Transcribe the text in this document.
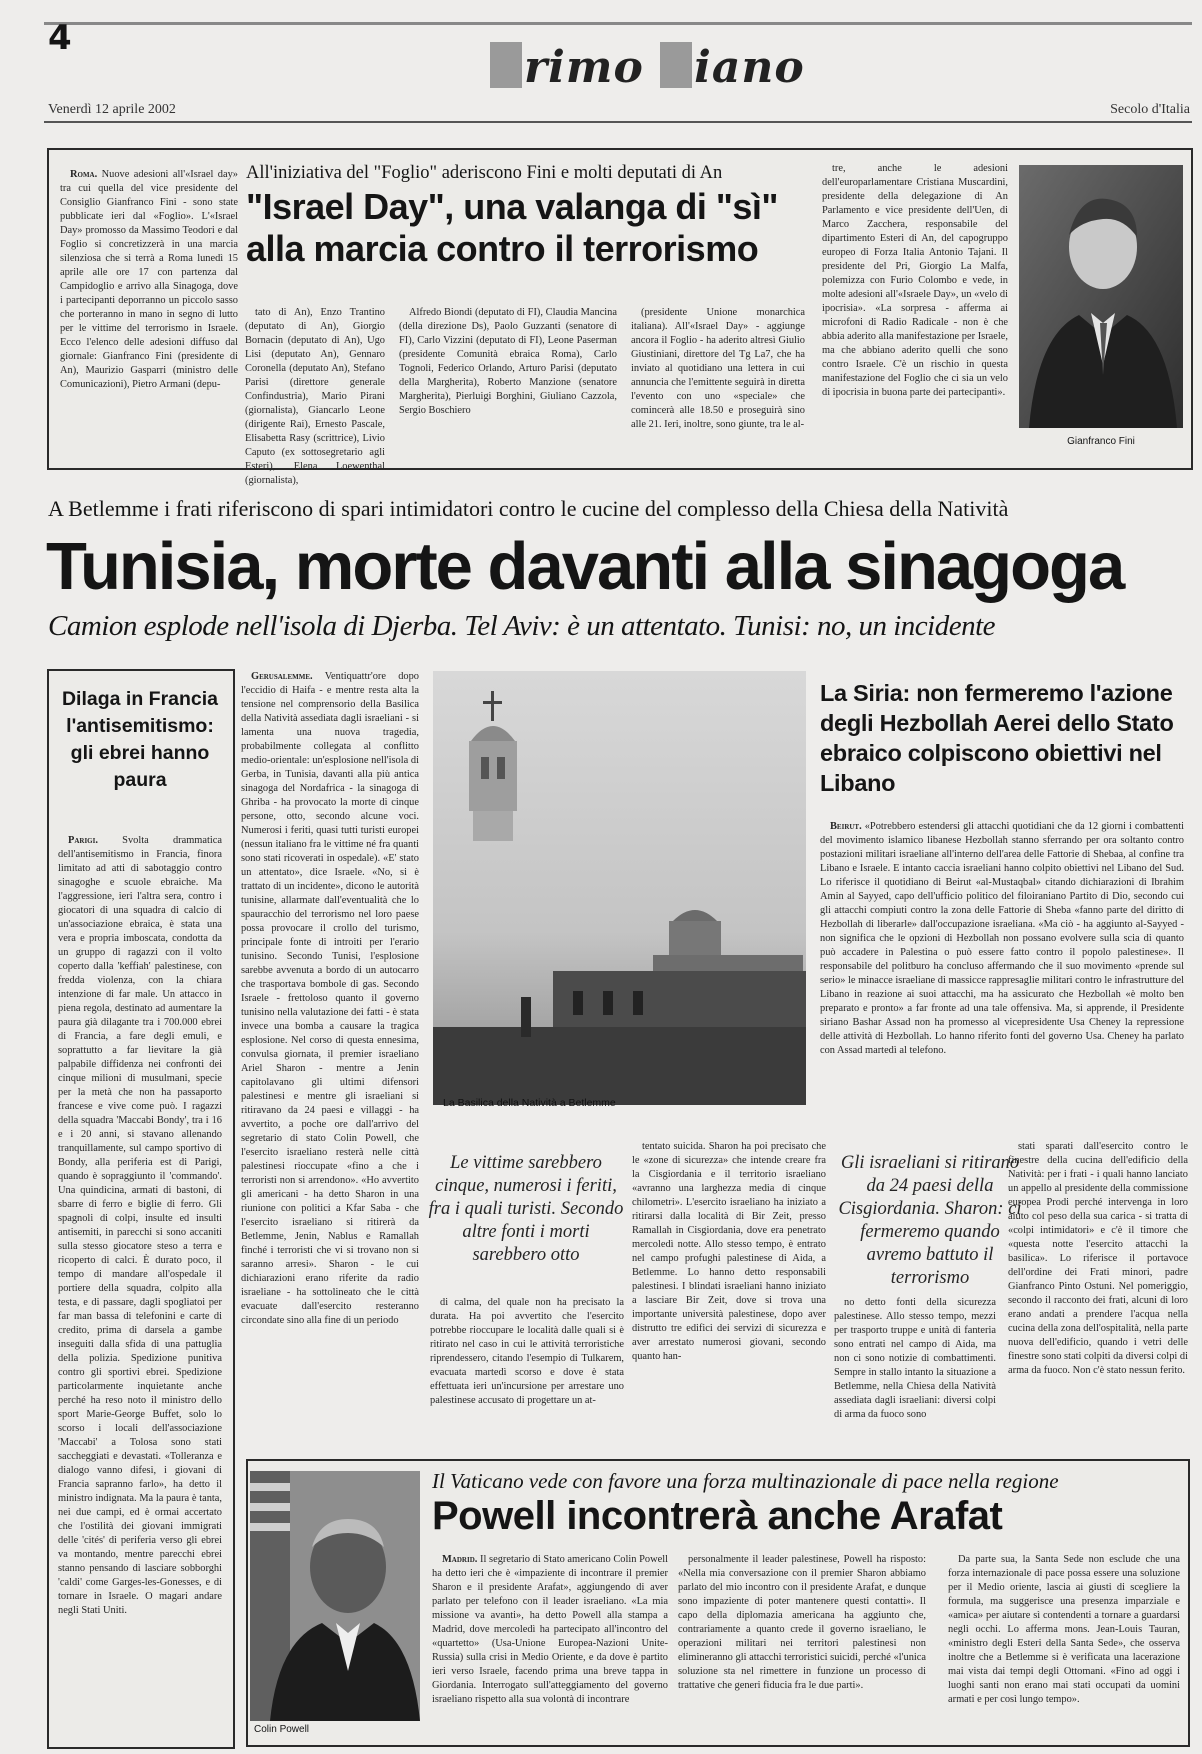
4
rimo iano
Venerdì 12 aprile 2002	Secolo d'Italia

Roma. Nuove adesioni all'«Israel day» tra cui quella del vice presidente del Consiglio Gianfranco Fini - sono state pubblicate ieri dal «Foglio». L'«Israel Day» promosso da Massimo Teodori e dal Foglio si concretizzerà in una marcia silenziosa che si terrà a Roma lunedì 15 aprile alle ore 17 con partenza dal Campidoglio e arrivo alla Sinagoga, dove i partecipanti deporranno un piccolo sasso che porteranno in mano in segno di lutto per le vittime del terrorismo in Israele. Ecco l'elenco delle adesioni diffuso dal giornale: Gianfranco Fini (presidente di An), Maurizio Gasparri (ministro delle Comunicazioni), Pietro Armani (depu-

All'iniziativa del "Foglio" aderiscono Fini e molti deputati di An
"Israel Day", una valanga di "sì"
alla marcia contro il terrorismo

tato di An), Enzo Trantino (deputato di An), Giorgio Bornacin (deputato di An), Ugo Lisi (deputato An), Gennaro Coronella (deputato An), Stefano Parisi (direttore generale Confindustria), Mario Pirani (giornalista), Giancarlo Leone (dirigente Rai), Ernesto Pascale, Elisabetta Rasy (scrittrice), Livio Caputo (ex sottosegretario agli Esteri), Elena Loewenthal (giornalista),

Alfredo Biondi (deputato di FI), Claudia Mancina (della direzione Ds), Paolo Guzzanti (senatore di FI), Carlo Vizzini (deputato di FI), Leone Paserman (presidente Comunità ebraica Roma), Carlo Tognoli, Federico Orlando, Arturo Parisi (deputato della Margherita), Roberto Manzione (senatore Margherita), Pierluigi Borghini, Giuliano Cazzola, Sergio Boschiero

(presidente Unione monarchica italiana). All'«Israel Day» - aggiunge ancora il Foglio - ha aderito altresì Giulio Giustiniani, direttore del Tg La7, che ha inviato al quotidiano una lettera in cui annuncia che l'emittente seguirà in diretta l'evento con uno «speciale» che comincerà alle 18.50 e proseguirà sino alle 21. Ieri, inoltre, sono giunte, tra le al-

tre, anche le adesioni dell'europarlamentare Cristiana Muscardini, presidente della delegazione di An Parlamento e vice presidente dell'Uen, di Marco Zacchera, responsabile del dipartimento Esteri di An, del capogruppo europeo di Forza Italia Antonio Tajani. Il presidente del Pri, Giorgio La Malfa, polemizza con Furio Colombo e vede, in molte adesioni all'«Israele Day», un «velo di ipocrisia». «La sorpresa - afferma ai microfoni di Radio Radicale - non è che abbia aderito alla manifestazione per Israele, ma che abbiano aderito quelli che sono contro Israele. C'è un rischio in questa manifestazione del Foglio che ci sia un velo di ipocrisia in buona parte dei partecipanti».

Gianfranco Fini
A Betlemme i frati riferiscono di spari intimidatori contro le cucine del complesso della Chiesa della Natività
Tunisia, morte davanti alla sinagoga
Camion esplode nell'isola di Djerba. Tel Aviv: è un attentato. Tunisi: no, un incidente
Dilaga in Francia l'antisemitismo: gli ebrei hanno paura

Parigi. Svolta drammatica dell'antisemitismo in Francia, finora limitato ad atti di sabotaggio contro sinagoghe e scuole ebraiche. Ma l'aggressione, ieri l'altra sera, contro i giocatori di una squadra di calcio di un'associazione ebraica, è stata una vera e propria imboscata, condotta da un gruppo di ragazzi con il volto coperto dalla 'keffiah' palestinese, con fredda violenza, con la chiara intenzione di far male. Un attacco in piena regola, destinato ad aumentare la paura già dilagante tra i 700.000 ebrei di Francia, a fare degli emuli, e soprattutto a far lievitare la già palpabile diffidenza nei confronti dei cinque milioni di musulmani, specie per la metà che non ha passaporto francese e vive come può. I ragazzi della squadra 'Maccabi Bondy', tra i 16 e i 20 anni, si stavano allenando tranquillamente, sul campo sportivo di Bondy, alla periferia est di Parigi, quando è sopraggiunto il 'commando'. Una quindicina, armati di bastoni, di sbarre di ferro e biglie di ferro. Gli spagnoli di colpi, insulte ed insulti antisemiti, in parecchi si sono accaniti sulla stesso giocatore steso a terra e ricoperto di calci. È durato poco, il tempo di mandare all'ospedale il portiere della squadra, colpito alla testa, e di passare, dagli spogliatoi per far man bassa di telefonini e carte di credito, prima di darsela a gambe inseguiti dalla sfida di una pattuglia della polizia. Spedizione punitiva contro gli sportivi ebrei. Spedizione particolarmente inquietante anche perché ha reso noto il ministro dello sport Marie-George Buffet, solo lo scorso i locali dell'associazione 'Maccabi' a Tolosa sono stati saccheggiati e devastati. «Tolleranza e dialogo vanno difesi, i giovani di Francia sapranno farlo», ha detto il ministro indignata. Ma la paura è tanta, nei due campi, ed è ormai accertato che l'ostilità dei giovani immigrati delle 'cités' di periferia verso gli ebrei va montando, mentre parecchi ebrei stanno pensando di lasciare sobborghi 'caldi' come Garges-les-Gonesses, e di tornare in Israele. O magari andare negli Stati Uniti.

Gerusalemme. Ventiquattr'ore dopo l'eccidio di Haifa - e mentre resta alta la tensione nel comprensorio della Basilica della Natività assediata dagli israeliani - si lamenta una nuova tragedia, probabilmente collegata al conflitto medio-orientale: un'esplosione nell'isola di Gerba, in Tunisia, davanti alla più antica sinagoga del Nordafrica - la sinagoga di Ghriba - ha provocato la morte di cinque persone, otto, secondo alcune voci. Numerosi i feriti, quasi tutti turisti europei (nessun italiano fra le vittime né fra quanti sono stati ricoverati in ospedale). «E' stato un attentato», dice Israele. «No, si è trattato di un incidente», dicono le autorità tunisine, allarmate dall'eventualità che lo spauracchio del terrorismo nel loro paese possa provocare il crollo del turismo, principale fonte di introiti per l'erario tunisino. Secondo Tunisi, l'esplosione sarebbe avvenuta a bordo di un autocarro che trasportava bombole di gas. Secondo Israele - frettoloso quanto il governo tunisino nella valutazione dei fatti - è stata invece una bomba a causare la tragica esplosione. Nel corso di questa ennesima, convulsa giornata, il premier israeliano Ariel Sharon - mentre a Jenin capitolavano gli ultimi difensori palestinesi e mentre gli israeliani si ritiravano da 24 paesi e villaggi - ha avvertito, a poche ore dall'arrivo del segretario di stato Colin Powell, che l'esercito israeliano resterà nelle città palestinesi rioccupate «fino a che i terroristi non si arrendono». «Ho avvertito gli americani - ha detto Sharon in una riunione con politici a Kfar Saba - che l'esercito israeliano si ritirerà da Betlemme, Jenin, Nablus e Ramallah finché i terroristi che vi si trovano non si saranno arresi». Sharon - le cui dichiarazioni erano riferite da radio israeliane - ha sottolineato che le città evacuate dall'esercito resteranno circondate sino alla fine di un periodo

La Basilica della Natività a Betlemme
La Siria: non fermeremo l'azione degli Hezbollah Aerei dello Stato ebraico colpiscono obiettivi nel Libano

Beirut. «Potrebbero estendersi gli attacchi quotidiani che da 12 giorni i combattenti del movimento islamico libanese Hezbollah stanno sferrando per ora soltanto contro postazioni militari israeliane all'interno dell'area delle Fattorie di Shebaa, al confine tra Libano e Israele. E intanto caccia israeliani hanno colpito obiettivi nel Libano del Sud. Lo riferisce il quotidiano di Beirut «al-Mustaqbal» citando dichiarazioni di Ibrahim Amin al Sayyed, capo dell'ufficio politico del filoiraniano Partito di Dio, secondo cui gli attacchi compiuti contro la zona delle Fattorie di Sheba «fanno parte del diritto di Hezbollah di liberarle» dall'occupazione israeliana. «Ma ciò - ha aggiunto al-Sayyed - non significa che le opzioni di Hezbollah non possano evolvere sulla scia di quanto può accadere in Palestina o può essere fatto contro il popolo palestinese». Il responsabile del politburo ha concluso affermando che il suo movimento «prende sul serio» le minacce israeliane di massicce rappresaglie militari contro le infrastrutture del Libano in reazione ai suoi attacchi, ma ha assicurato che Hezbollah «è molto ben preparato e pronto» a far fronte ad una tale offensiva. Ma, si apprende, il Presidente siriano Bashar Assad non ha promesso al vicepresidente Usa Cheney la repressione delle attività di Hezbollah. Lo hanno riferito fonti del governo Usa. Cheney ha parlato con Assad martedì al telefono.

Le vittime sarebbero cinque, numerosi i feriti, fra i quali turisti. Secondo altre fonti i morti sarebbero otto

di calma, del quale non ha precisato la durata. Ha poi avvertito che l'esercito potrebbe rioccupare le località dalle quali si è ritirato nel caso in cui le attività terroristiche riprendessero, citando l'esempio di Tulkarem, evacuata martedì scorso e dove è stata effettuata ieri un'incursione per arrestare uno palestinese accusato di progettare un at-

tentato suicida. Sharon ha poi precisato che le «zone di sicurezza» che intende creare fra la Cisgiordania e il territorio israeliano «avranno una larghezza media di cinque chilometri». L'esercito israeliano ha iniziato a ritirarsi dalla località di Bir Zeit, presso Ramallah in Cisgiordania, dove era penetrato mercoledì notte. Allo stesso tempo, è entrato nel campo profughi palestinese di Aida, a Betlemme. Lo hanno detto responsabili palestinesi. I blindati israeliani hanno iniziato a lasciare Bir Zeit, dove si trova una importante università palestinese, dopo aver distrutto tre edifici dei servizi di sicurezza e aver arrestato numerosi giovani, secondo quanto han-

Gli israeliani si ritirano da 24 paesi della Cisgiordania. Sharon: ci fermeremo quando avremo battuto il terrorismo

no detto fonti della sicurezza palestinese. Allo stesso tempo, mezzi per trasporto truppe e unità di fanteria sono entrati nel campo di Aida, ma non ci sono notizie di combattimenti. Sempre in stallo intanto la situazione a Betlemme, nella Chiesa della Natività assediata dagli israeliani: diversi colpi di arma da fuoco sono

stati sparati dall'esercito contro le finestre della cucina dell'edificio della Natività: per i frati - i quali hanno lanciato un appello al presidente della commissione europea Prodi perché intervenga in loro aiuto col peso della sua carica - si tratta di «colpi intimidatori» e c'è il timore che «questa notte l'esercito attacchi la basilica». Lo riferisce il portavoce dell'ordine dei Frati minori, padre Gianfranco Pinto Ostuni. Nel pomeriggio, secondo il racconto dei frati, alcuni di loro erano andati a prendere l'acqua nella cucina della zona dell'ospitalità, nella parte nuova dell'edificio, quando i vetri delle finestre sono stati colpiti da diversi colpi di arma da fuoco. Non c'è stato nessun ferito.

Colin Powell
Il Vaticano vede con favore una forza multinazionale di pace nella regione
Powell incontrerà anche Arafat

Madrid. Il segretario di Stato americano Colin Powell ha detto ieri che è «impaziente di incontrare il premier Sharon e il presidente Arafat», aggiungendo di aver parlato per telefono con il leader israeliano. «La mia missione va avanti», ha detto Powell alla stampa a Madrid, dove mercoledì ha partecipato all'incontro del «quartetto» (Usa-Unione Europea-Nazioni Unite-Russia) sulla crisi in Medio Oriente, e da dove è partito ieri verso Israele, facendo prima una breve tappa in Giordania. Interrogato sull'atteggiamento del governo israeliano rispetto alla sua volontà di incontrare

personalmente il leader palestinese, Powell ha risposto: «Nella mia conversazione con il premier Sharon abbiamo parlato del mio incontro con il presidente Arafat, e dunque sono impaziente di poter mantenere questi contatti». Il capo della diplomazia americana ha aggiunto che, contrariamente a quanto crede il governo israeliano, le operazioni militari nei territori palestinesi non elimineranno gli attacchi terroristici suicidi, perché «l'unica soluzione sta nel rimettere in funzione un processo di trattative che generi fiducia fra le due parti».

Da parte sua, la Santa Sede non esclude che una forza internazionale di pace possa essere una soluzione per il Medio oriente, lascia ai giusti di scegliere la formula, ma suggerisce una presenza imparziale e «amica» per aiutare sì contendenti a tornare a guardarsi negli occhi. Lo afferma mons. Jean-Louis Tauran, «ministro degli Esteri della Santa Sede», che osserva inoltre che a Betlemme si è verificata una lacerazione mai vista dai tempi degli Ottomani. «Fino ad oggi i luoghi santi non erano mai stati occupati da uomini armati e per così lungo tempo».
